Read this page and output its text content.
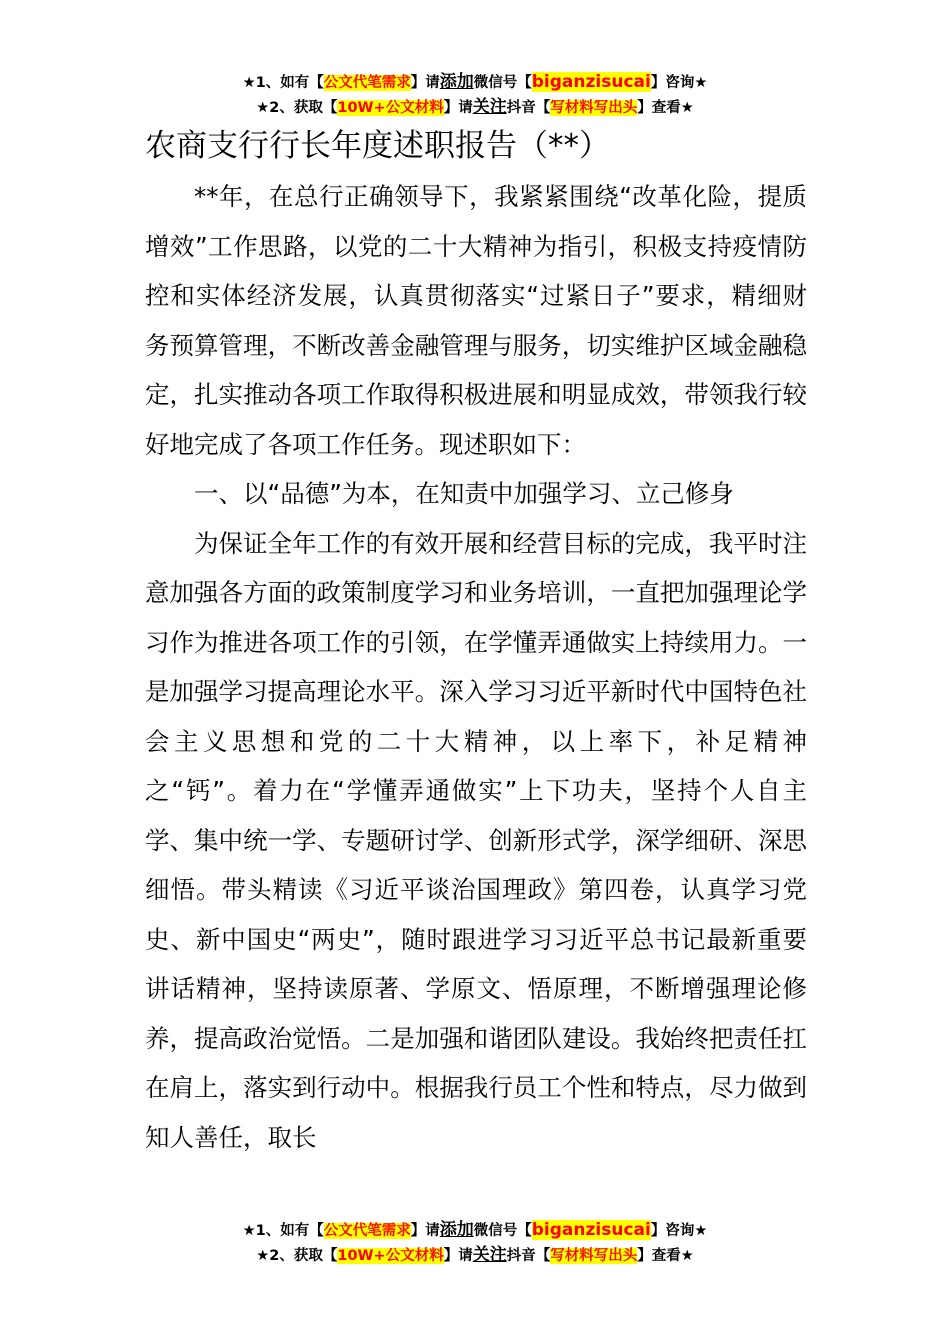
★1、如有【公文代笔需求】请添加微信号【biganzisucai】咨询★
★2、获取【10W+公文材料】请关注抖音【写材料写出头】查看★
农商支行行长年度述职报告（**）

**年，在总行正确领导下，我紧紧围绕“改革化险，提质增效”工作思路，以党的二十大精神为指引，积极支持疫情防控和实体经济发展，认真贯彻落实“过紧日子”要求，精细财务预算管理，不断改善金融管理与服务，切实维护区域金融稳定，扎实推动各项工作取得积极进展和明显成效，带领我行较好地完成了各项工作任务。现述职如下：

一、以“品德”为本，在知责中加强学习、立己修身

为保证全年工作的有效开展和经营目标的完成，我平时注意加强各方面的政策制度学习和业务培训，一直把加强理论学习作为推进各项工作的引领，在学懂弄通做实上持续用力。一是加强学习提高理论水平。深入学习习近平新时代中国特色社会主义思想和党的二十大精神，以上率下，补足精神之“钙”。着力在“学懂弄通做实”上下功夫，坚持个人自主学、集中统一学、专题研讨学、创新形式学，深学细研、深思细悟。带头精读《习近平谈治国理政》第四卷，认真学习党史、新中国史“两史”，随时跟进学习习近平总书记最新重要讲话精神，坚持读原著、学原文、悟原理，不断增强理论修养，提高政治觉悟。二是加强和谐团队建设。我始终把责任扛在肩上，落实到行动中。根据我行员工个性和特点，尽力做到知人善任，取长

★1、如有【公文代笔需求】请添加微信号【biganzisucai】咨询★
★2、获取【10W+公文材料】请关注抖音【写材料写出头】查看★
